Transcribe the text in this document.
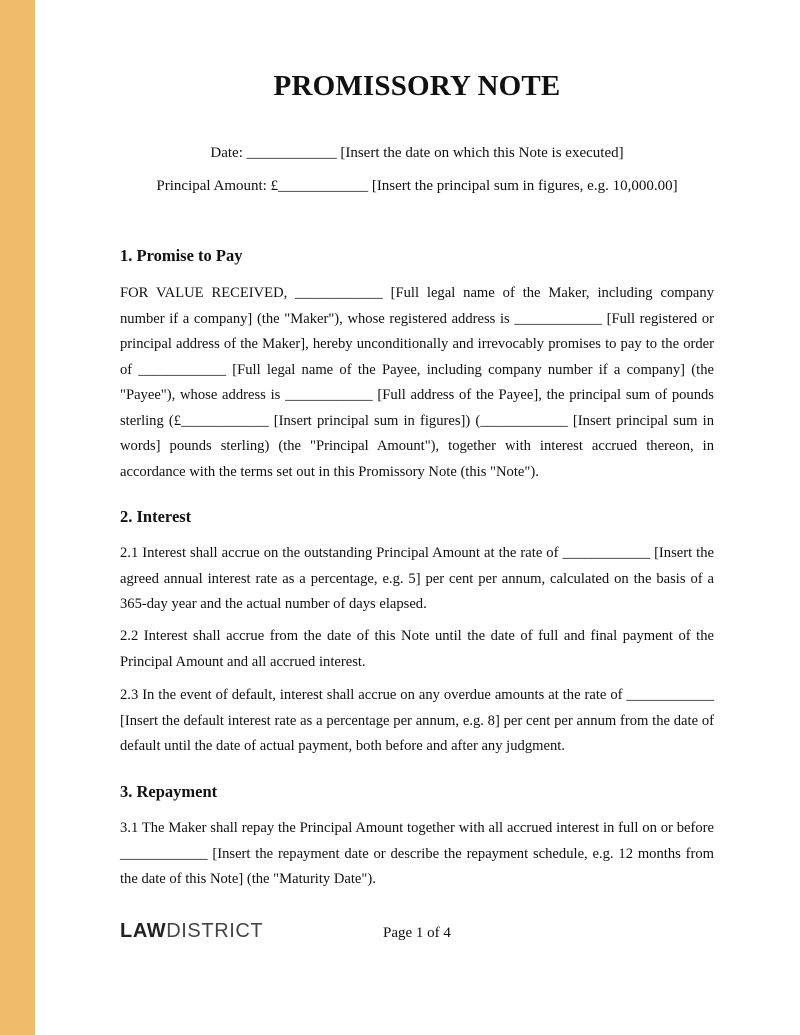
PROMISSORY NOTE
Date: ____________ [Insert the date on which this Note is executed]
Principal Amount: £____________ [Insert the principal sum in figures, e.g. 10,000.00]
1. Promise to Pay
FOR VALUE RECEIVED, ____________ [Full legal name of the Maker, including company number if a company] (the "Maker"), whose registered address is ____________ [Full registered or principal address of the Maker], hereby unconditionally and irrevocably promises to pay to the order of ____________ [Full legal name of the Payee, including company number if a company] (the "Payee"), whose address is ____________ [Full address of the Payee], the principal sum of pounds sterling (£____________ [Insert principal sum in figures]) (____________ [Insert principal sum in words] pounds sterling) (the "Principal Amount"), together with interest accrued thereon, in accordance with the terms set out in this Promissory Note (this "Note").
2. Interest
2.1 Interest shall accrue on the outstanding Principal Amount at the rate of ____________ [Insert the agreed annual interest rate as a percentage, e.g. 5] per cent per annum, calculated on the basis of a 365-day year and the actual number of days elapsed.
2.2 Interest shall accrue from the date of this Note until the date of full and final payment of the Principal Amount and all accrued interest.
2.3 In the event of default, interest shall accrue on any overdue amounts at the rate of ____________ [Insert the default interest rate as a percentage per annum, e.g. 8] per cent per annum from the date of default until the date of actual payment, both before and after any judgment.
3. Repayment
3.1 The Maker shall repay the Principal Amount together with all accrued interest in full on or before ____________ [Insert the repayment date or describe the repayment schedule, e.g. 12 months from the date of this Note] (the "Maturity Date").
LAWDISTRICT	Page 1 of 4
